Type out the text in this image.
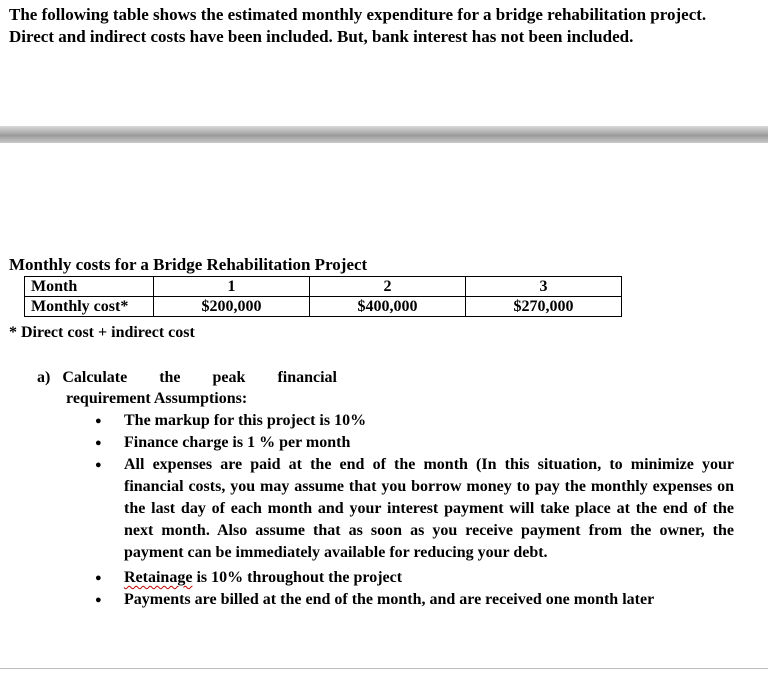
The following table shows the estimated monthly expenditure for a bridge rehabilitation project. Direct and indirect costs have been included. But, bank interest has not been included.
Monthly costs for a Bridge Rehabilitation Project
Month	1	2	3
Monthly cost*	$200,000	$400,000	$270,000
* Direct cost + indirect cost
a) Calculate the peak financial
requirement Assumptions:
● The markup for this project is 10%
● Finance charge is 1 % per month
● All expenses are paid at the end of the month (In this situation, to minimize your financial costs, you may assume that you borrow money to pay the monthly expenses on the last day of each month and your interest payment will take place at the end of the next month. Also assume that as soon as you receive payment from the owner, the payment can be immediately available for reducing your debt.
● Retainage is 10% throughout the project
● Payments are billed at the end of the month, and are received one month later
